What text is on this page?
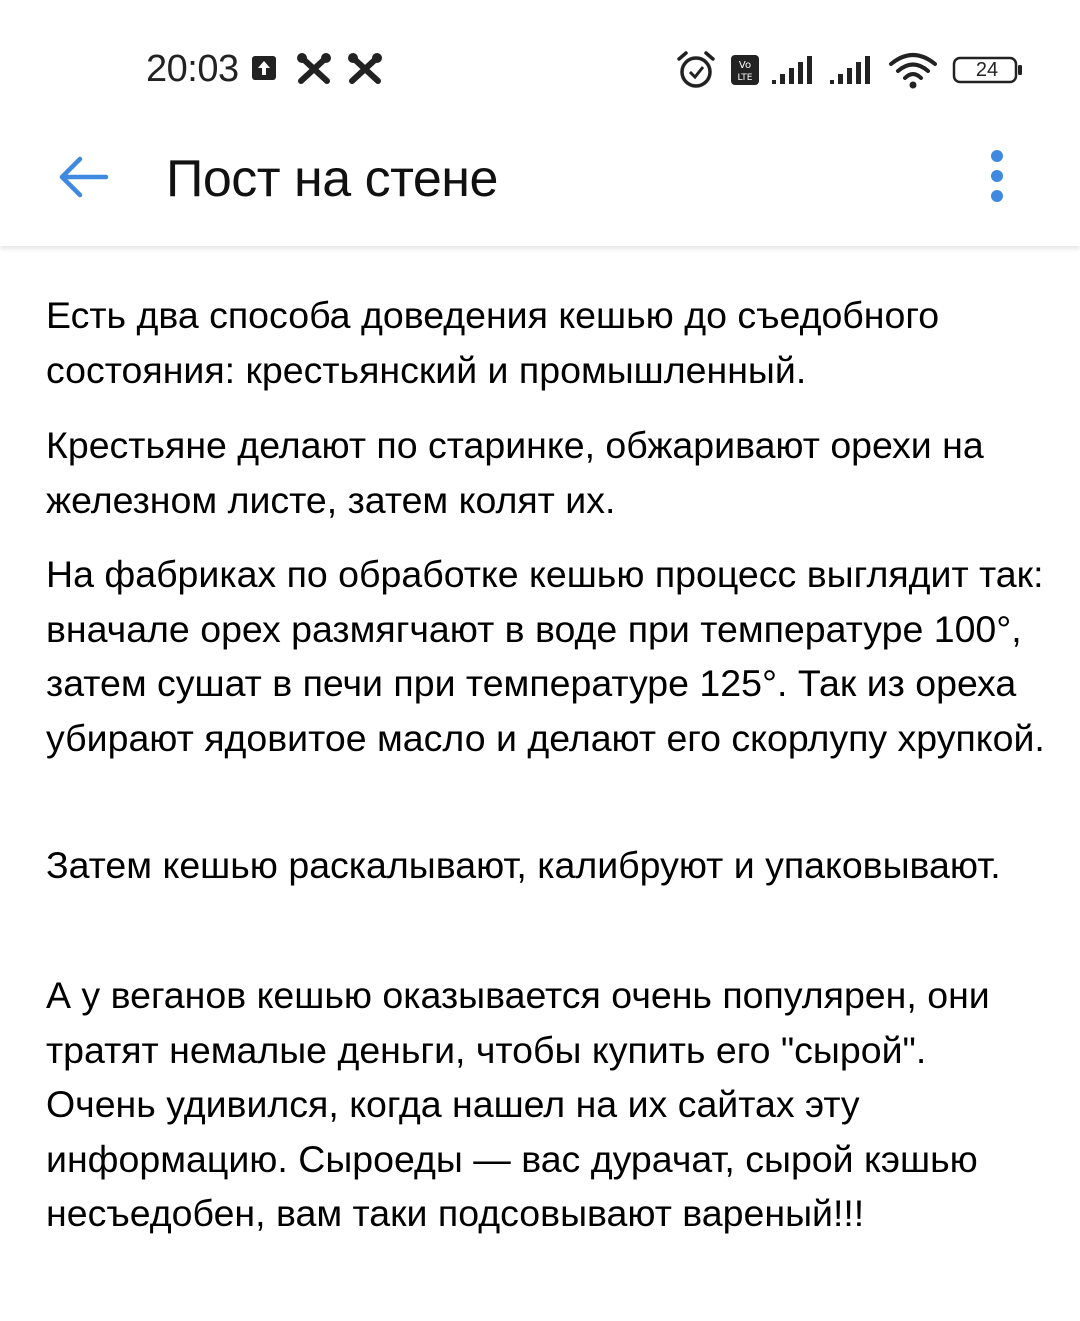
20:03	Vo
LTE	24
Пост на стене
Есть два способа доведения кешью до съедобного состояния: крестьянский и промышленный.
Крестьяне делают по старинке, обжаривают орехи на железном листе, затем колят их.
На фабриках по обработке кешью процесс выглядит так: вначале орех размягчают в воде при температуре 100°, затем сушат в печи при температуре 125°. Так из ореха убирают ядовитое масло и делают его скорлупу хрупкой.
Затем кешью раскалывают, калибруют и упаковывают.
А у веганов кешью оказывается очень популярен, они тратят немалые деньги, чтобы купить его "сырой". Очень удивился, когда нашел на их сайтах эту информацию. Сыроеды — вас дурачат, сырой кэшью несъедобен, вам таки подсовывают вареный!!!
